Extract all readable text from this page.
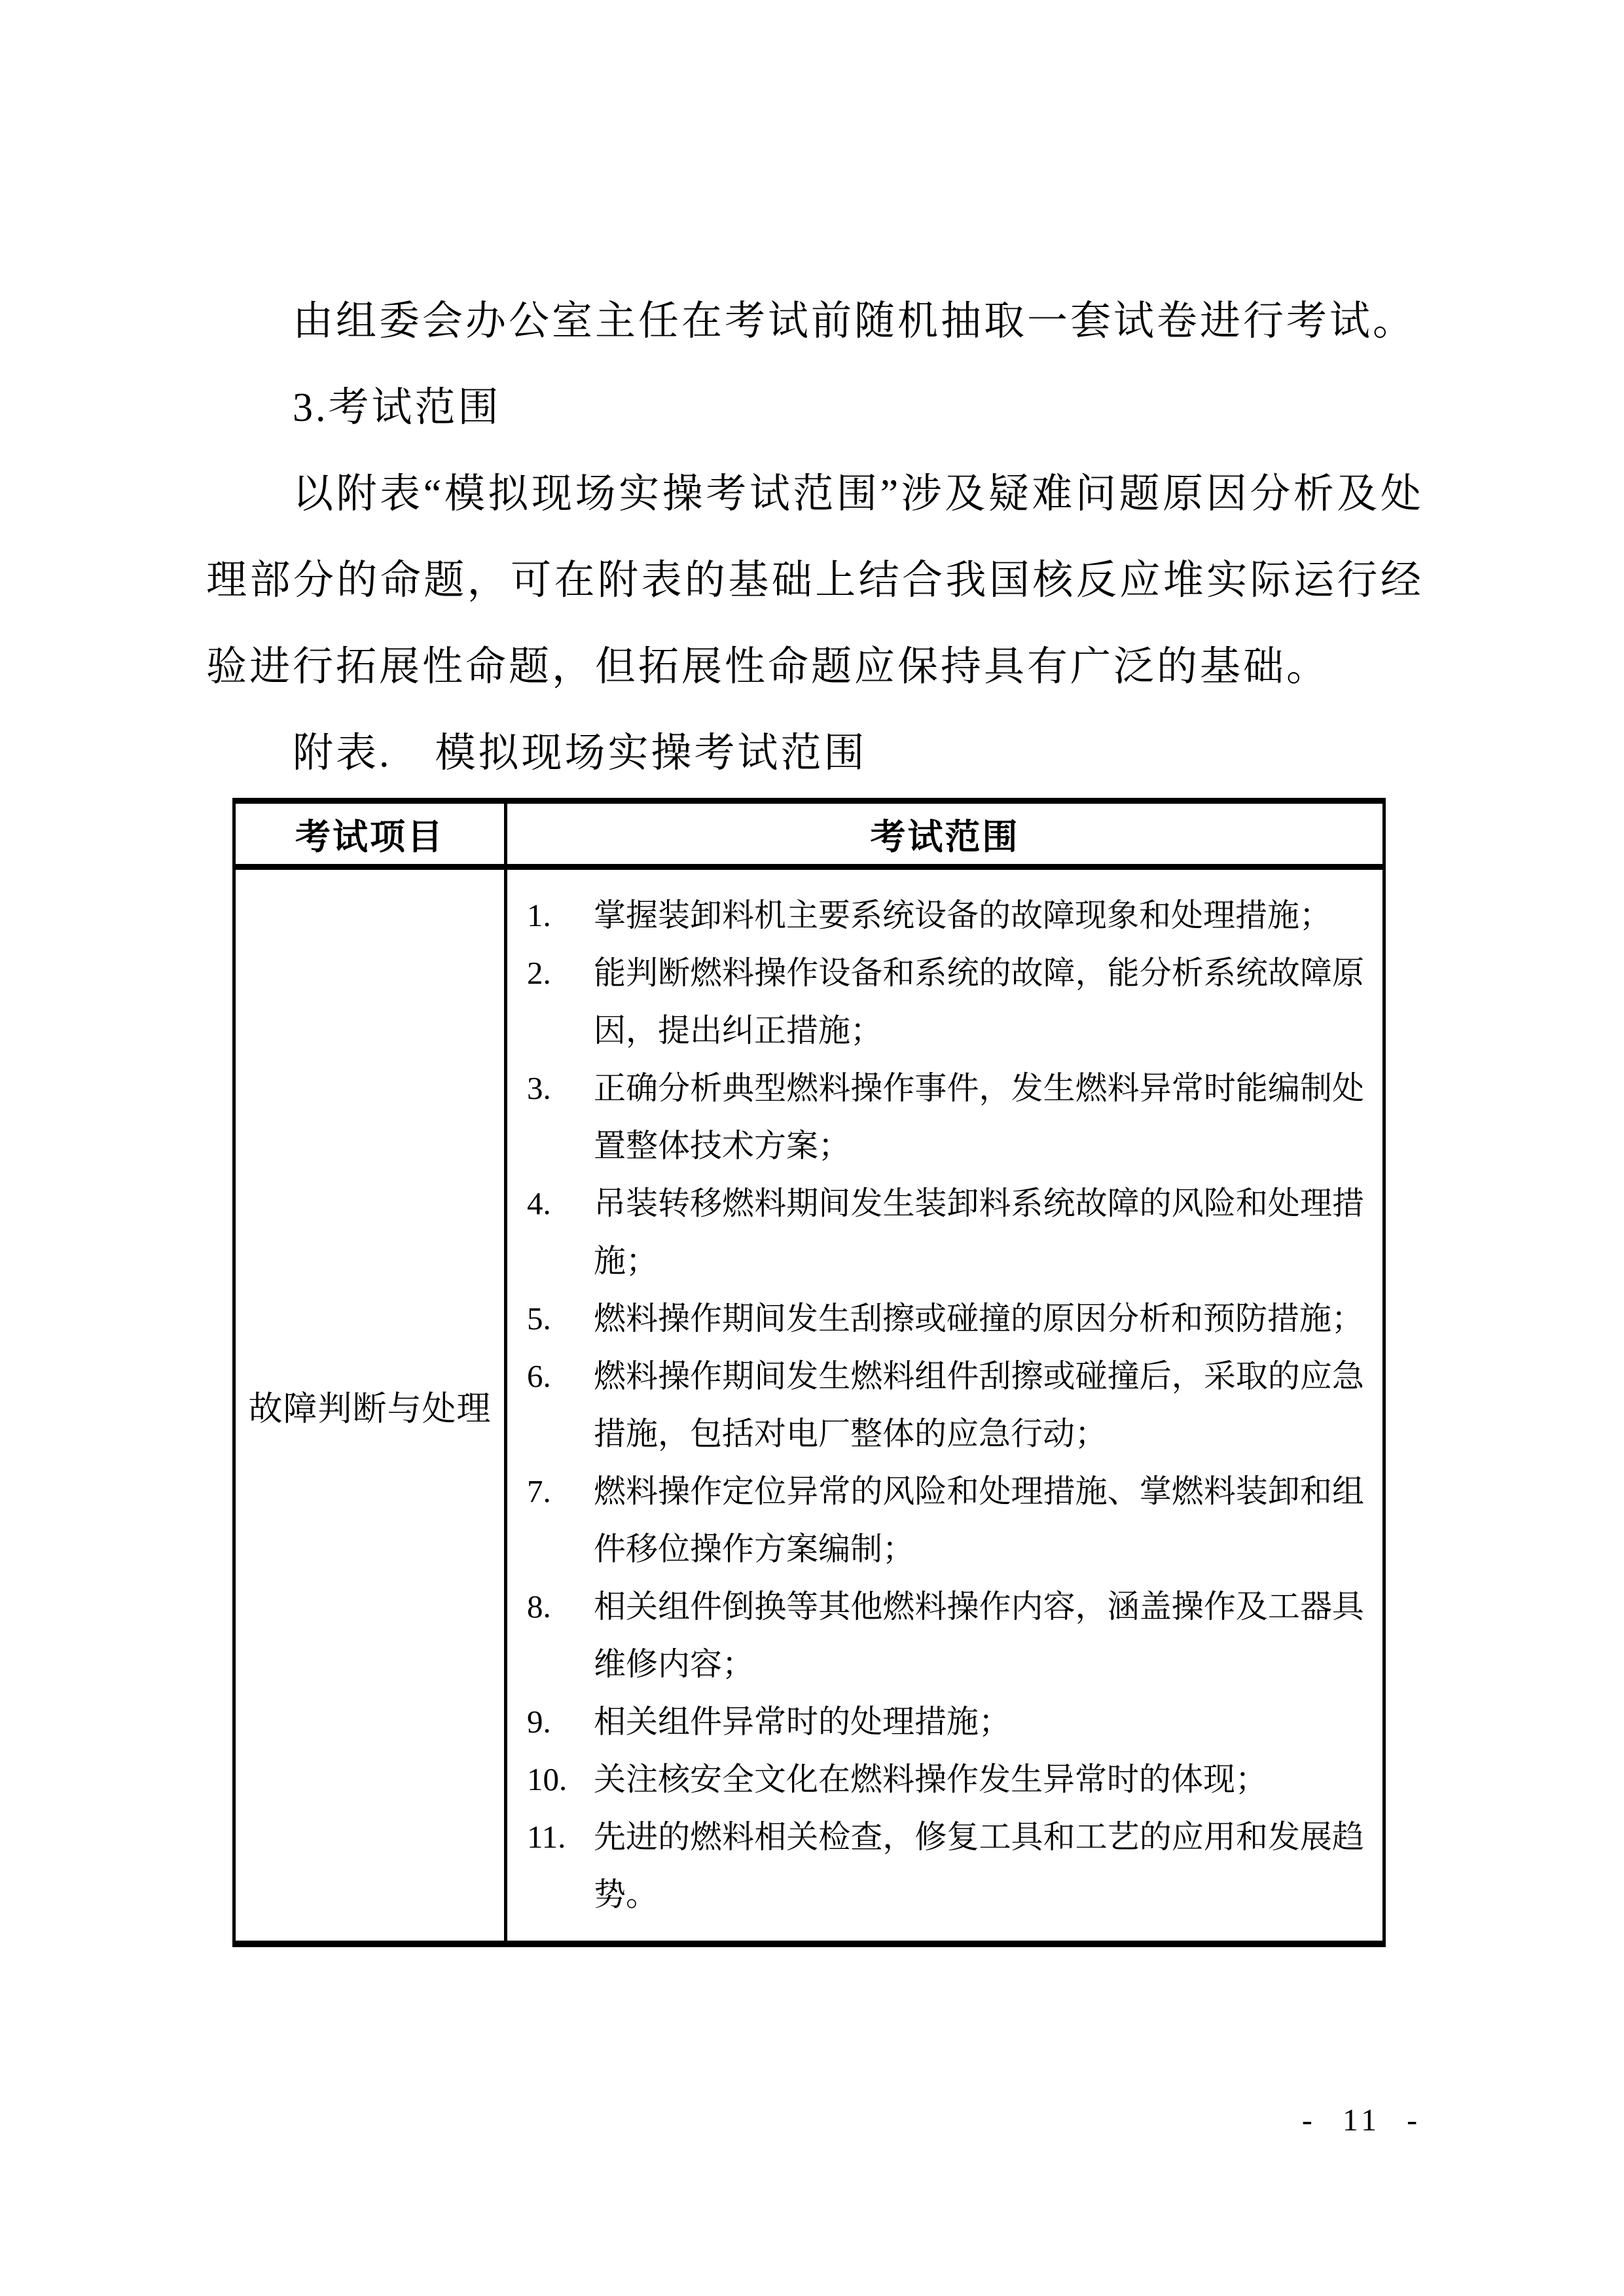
由组委会办公室主任在考试前随机抽取一套试卷进行考试。

3.考试范围

以附表“模拟现场实操考试范围”涉及疑难问题原因分析及处理部分的命题，可在附表的基础上结合我国核反应堆实际运行经验进行拓展性命题，但拓展性命题应保持具有广泛的基础。

附表.　模拟现场实操考试范围

考试项目	考试范围
故障判断与处理	
1.	掌握装卸料机主要系统设备的故障现象和处理措施；
2.	能判断燃料操作设备和系统的故障，能分析系统故障原因，提出纠正措施；
3.	正确分析典型燃料操作事件，发生燃料异常时能编制处置整体技术方案；
4.	吊装转移燃料期间发生装卸料系统故障的风险和处理措施；
5.	燃料操作期间发生刮擦或碰撞的原因分析和预防措施；
6.	燃料操作期间发生燃料组件刮擦或碰撞后，采取的应急措施，包括对电厂整体的应急行动；
7.	燃料操作定位异常的风险和处理措施、掌燃料装卸和组件移位操作方案编制；
8.	相关组件倒换等其他燃料操作内容，涵盖操作及工器具维修内容；
9.	相关组件异常时的处理措施；
10. 关注核安全文化在燃料操作发生异常时的体现；
11. 先进的燃料相关检查，修复工具和工艺的应用和发展趋势。
- 11 -
